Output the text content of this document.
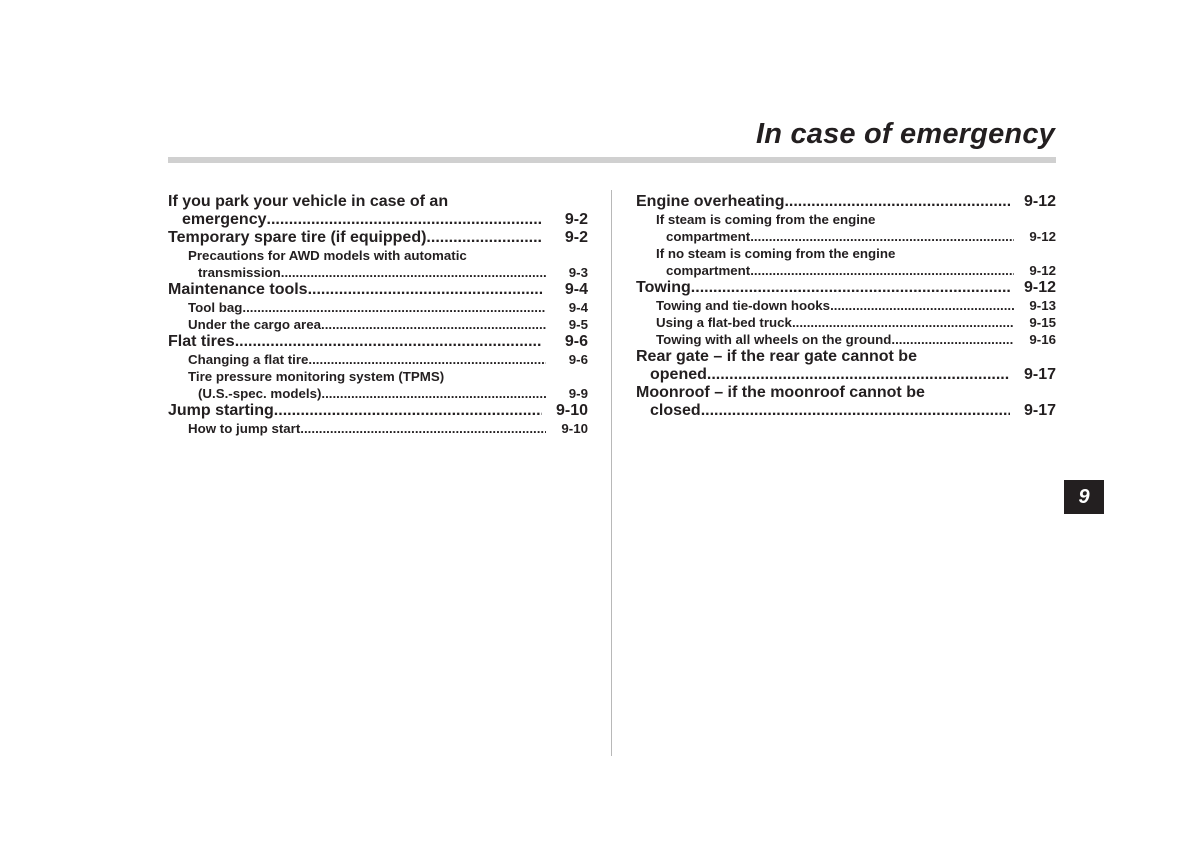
In case of emergency
If you park your vehicle in case of an
emergency .....	9-2
Temporary spare tire (if equipped) .....	9-2
Precautions for AWD models with automatic
transmission .....	9-3
Maintenance tools .....	9-4
Tool bag .....	9-4
Under the cargo area .....	9-5
Flat tires .....	9-6
Changing a flat tire .....	9-6
Tire pressure monitoring system (TPMS)
(U.S.-spec. models) .....	9-9
Jump starting .....	9-10
How to jump start .....	9-10
Engine overheating .....	9-12
If steam is coming from the engine
compartment .....	9-12
If no steam is coming from the engine
compartment .....	9-12
Towing .....	9-12
Towing and tie-down hooks .....	9-13
Using a flat-bed truck .....	9-15
Towing with all wheels on the ground .....	9-16
Rear gate – if the rear gate cannot be
opened .....	9-17
Moonroof – if the moonroof cannot be
closed .....	9-17
9
